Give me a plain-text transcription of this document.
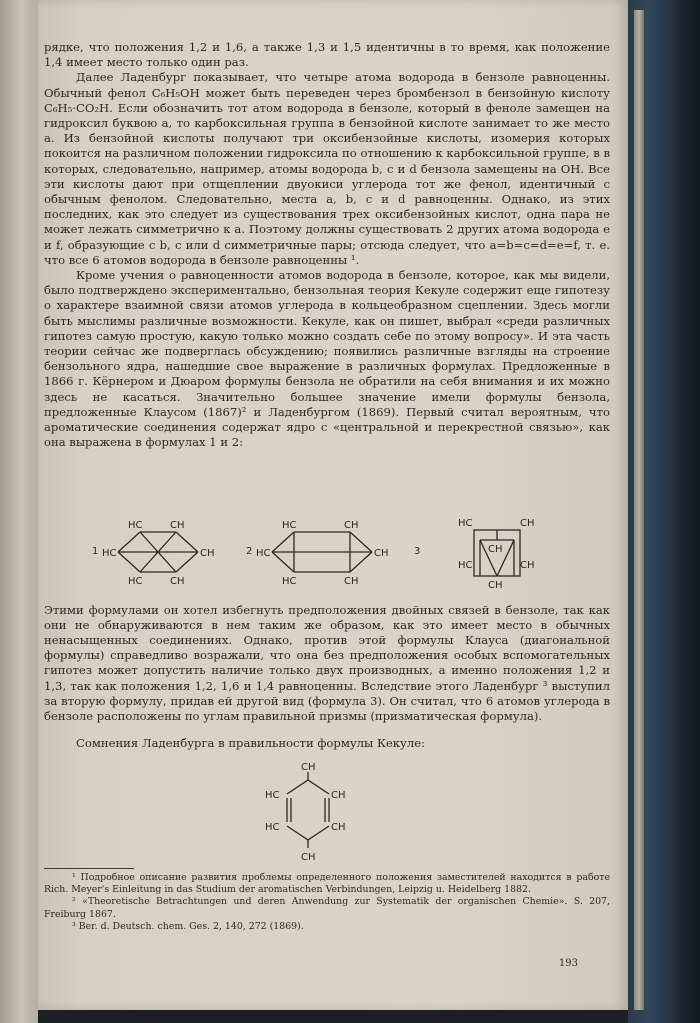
рядке, что положения 1,2 и 1,6, а также 1,3 и 1,5 идентичны в то время, как положение 1,4 имеет место только один раз.

Далее Ладенбург показывает, что четыре атома водорода в бензоле равноценны. Обычный фенол C₆H₅OH может быть переведен через бромбензол в бензойную кислоту C₆H₅·CO₂H. Если обозначить тот атом водорода в бензоле, который в феноле замещен на гидроксил буквою a, то карбоксильная группа в бензойной кислоте занимает то же место a. Из бензойной кислоты получают три оксибензойные кислоты, изомерия которых покоится на различном положении гидроксила по отношению к карбоксильной группе, в в которых, следовательно, например, атомы водорода b, c и d бензола замещены на OH. Все эти кислоты дают при отщеплении двуокиси углерода тот же фенол, идентичный с обычным фенолом. Следовательно, места a, b, c и d равноценны. Однако, из этих последних, как это следует из существования трех оксибензойных кислот, одна пара не может лежать симметрично к a. Поэтому должны существовать 2 других атома водорода e и f, образующие с b, c или d симметричные пары; отсюда следует, что a=b=c=d=e=f, т. е. что все 6 атомов водорода в бензоле равноценны ¹.

Кроме учения о равноценности атомов водорода в бензоле, которое, как мы видели, было подтверждено экспериментально, бензольная теория Кекуле содержит еще гипотезу о характере взаимной связи атомов углерода в кольцеобразном сцеплении. Здесь могли быть мыслимы различные возможности. Кекуле, как он пишет, выбрал «среди различных гипотез самую простую, какую только можно создать себе по этому вопросу». И эта часть теории сейчас же подверглась обсуждению; появились различные взгляды на строение бензольного ядра, нашедшие свое выражение в различных формулах. Предложенные в 1866 г. Кёрнером и Дюаром формулы бензола не обратили на себя внимания и их можно здесь не касаться. Значительно большее значение имели формулы бензола, предложенные Клаусом (1867)² и Ладенбургом (1869). Первый считал вероятным, что ароматические соединения содержат ядро с «центральной и перекрестной связью», как она выражена в формулах 1 и 2:

1
HC	CH
HC	CH
HC	CH
2
HC	CH
HC	CH
HC	CH
3
HC	CH
CH
HC	CH
CH

Этими формулами он хотел избегнуть предположения двойных связей в бензоле, так как они не обнаруживаются в нем таким же образом, как это имеет место в обычных ненасыщенных соединениях. Однако, против этой формулы Клауса (диагональной формулы) справедливо возражали, что она без предположения особых вспомогательных гипотез может допустить наличие только двух производных, а именно положения 1,2 и 1,3, так как положения 1,2, 1,6 и 1,4 равноценны. Вследствие этого Ладенбург ³ выступил за вторую формулу, придав ей другой вид (формула 3). Он считал, что 6 атомов углерода в бензоле расположены по углам правильной призмы (призматическая формула).

Сомнения Ладенбурга в правильности формулы Кекуле:

CH
HC	CH
HC	CH
CH

¹ Подробное описание развития проблемы определенного положения заместителей находится в работе Rich. Meyer's Einleitung in das Studium der aromatischen Verbindungen, Leipzig u. Heidelberg 1882.

² «Theoretische Betrachtungen und deren Anwendung zur Systematik der organischen Chemie». S. 207, Freiburg 1867.

³ Ber. d. Deutsch. chem. Ges. 2, 140, 272 (1869).

193
